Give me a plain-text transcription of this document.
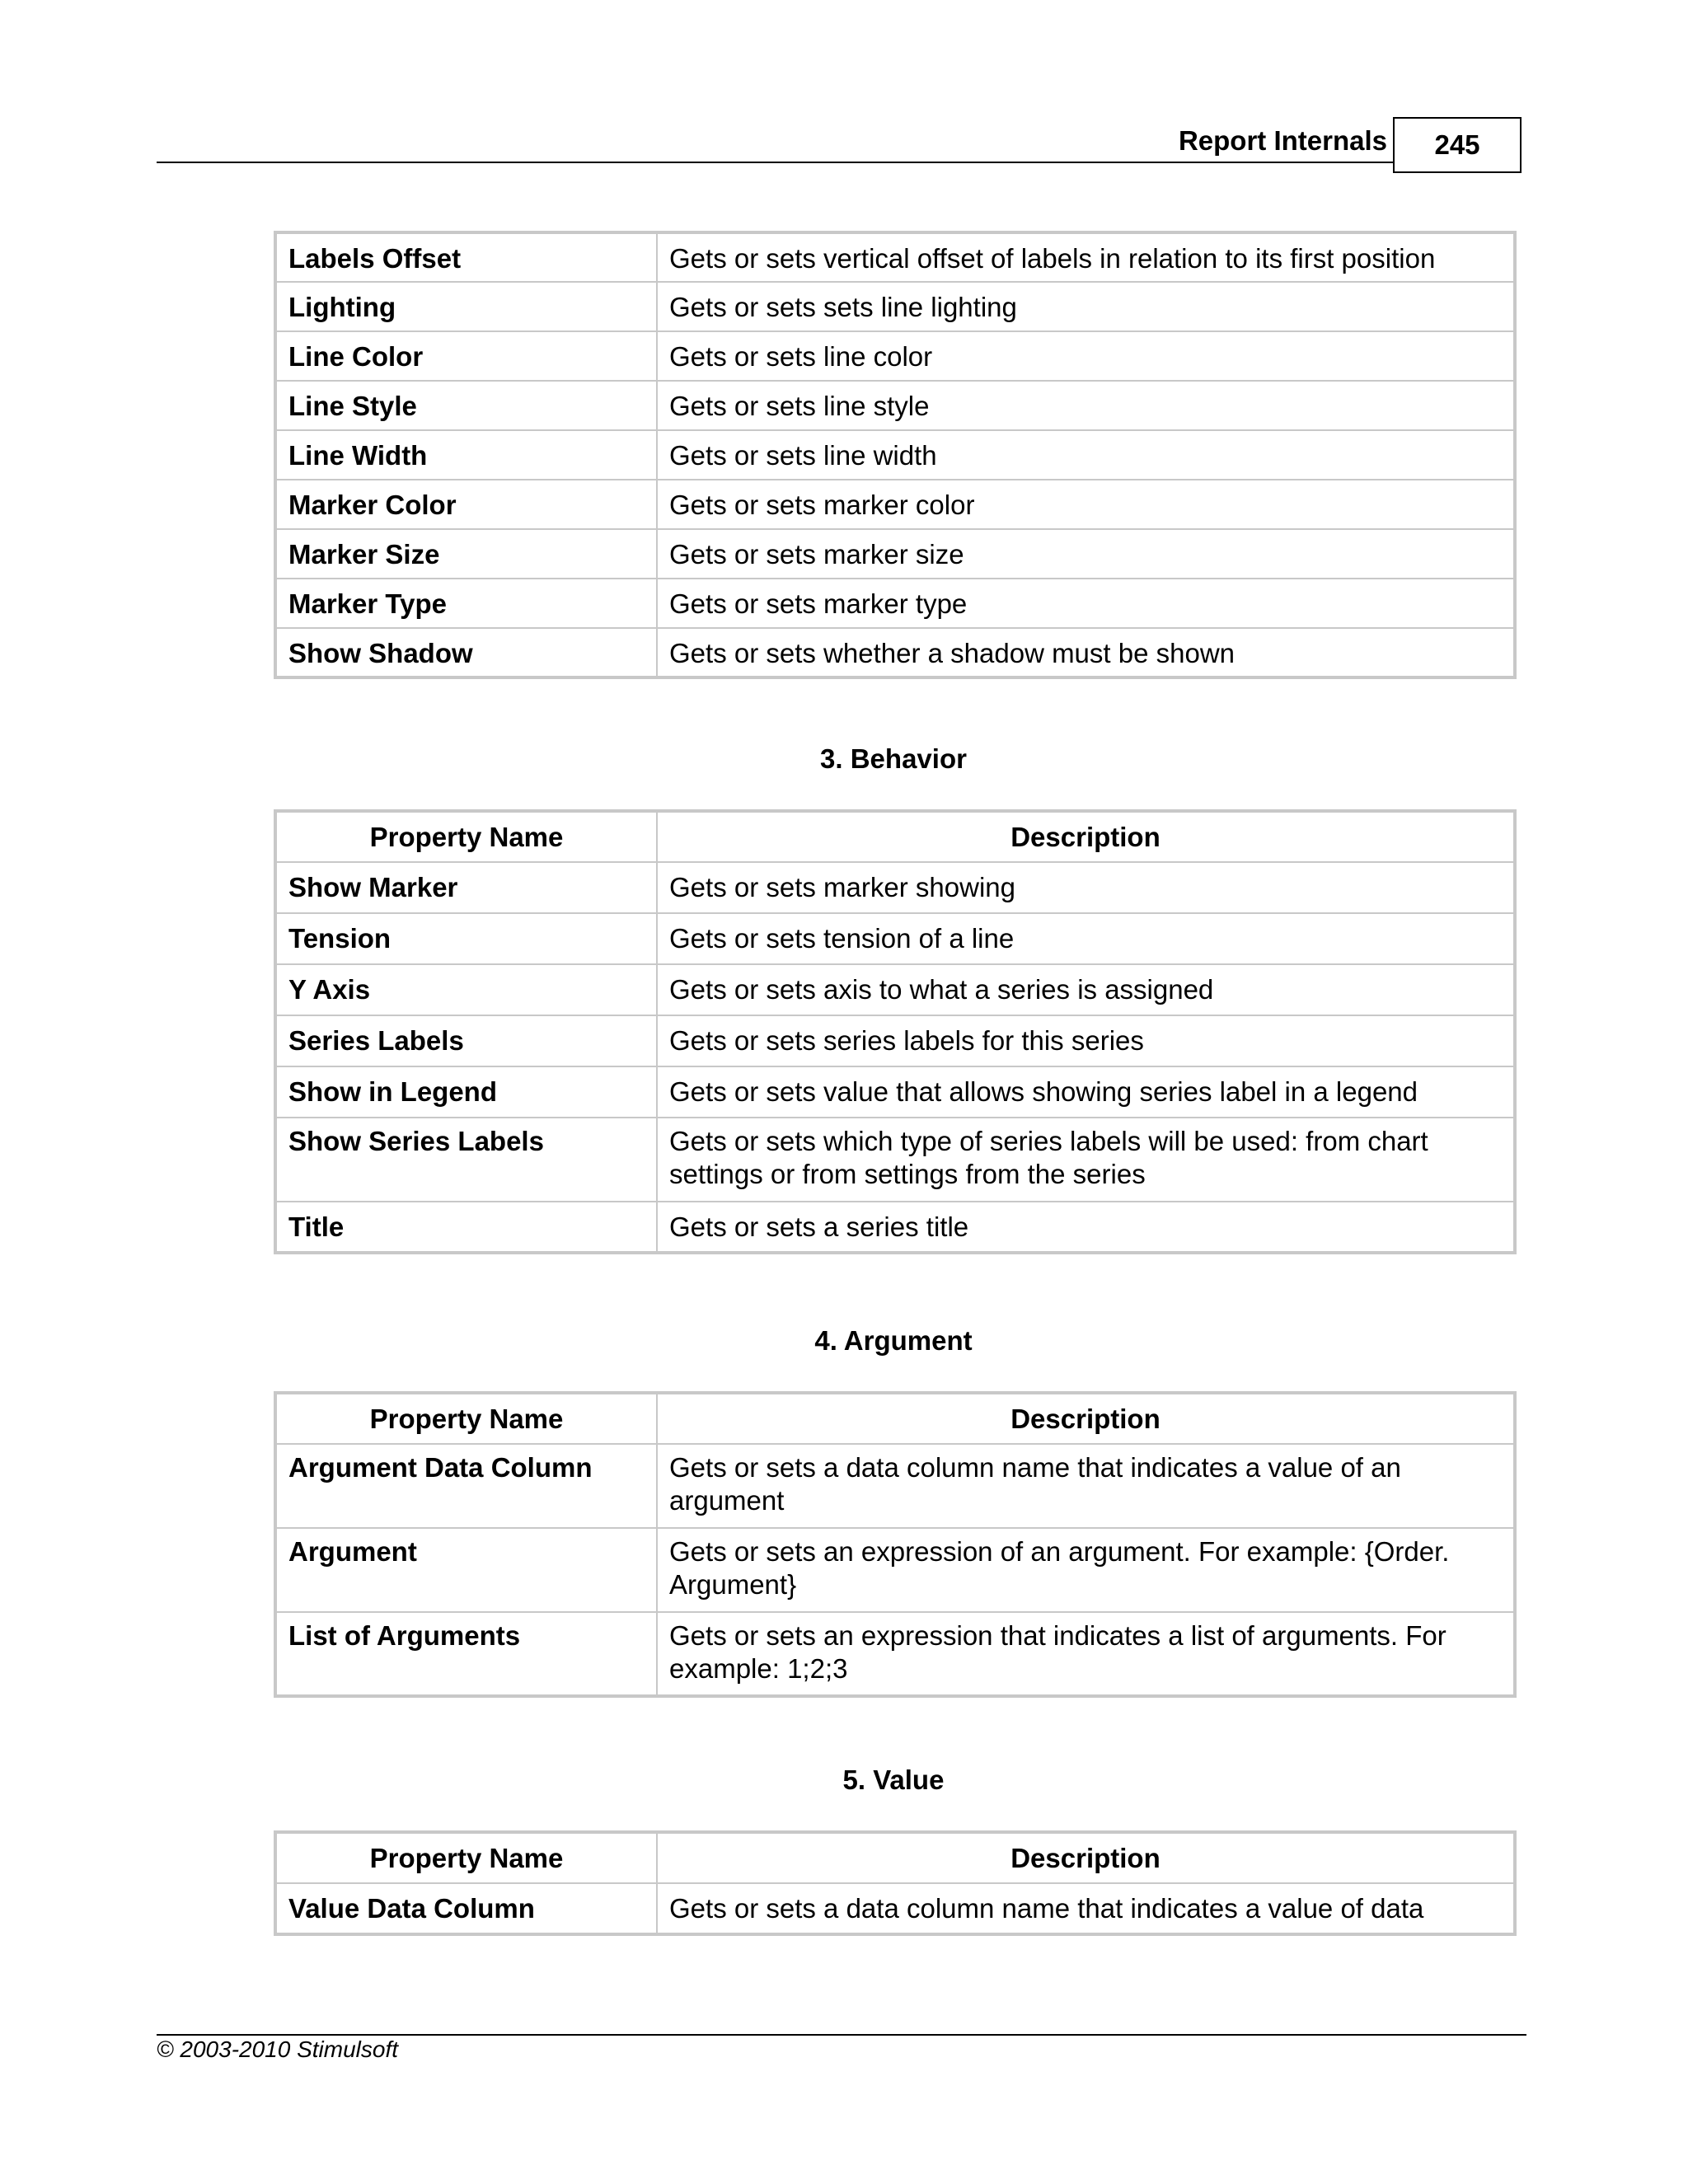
Report Internals	245
Labels Offset	Gets or sets vertical offset of labels in relation to its first position
Lighting	Gets or sets sets line lighting
Line Color	Gets or sets line color
Line Style	Gets or sets line style
Line Width	Gets or sets line width
Marker Color	Gets or sets marker color
Marker Size	Gets or sets marker size
Marker Type	Gets or sets marker type
Show Shadow	Gets or sets whether a shadow must be shown
3. Behavior
Property Name	Description
Show Marker	Gets or sets marker showing
Tension	Gets or sets tension of a line
Y Axis	Gets or sets axis to what a series is assigned
Series Labels	Gets or sets series labels for this series
Show in Legend	Gets or sets value that allows showing series label in a legend
Show Series Labels	Gets or sets which type of series labels will be used: from chart settings or from settings from the series
Title	Gets or sets a series title
4. Argument
Property Name	Description
Argument Data Column	Gets or sets a data column name that indicates a value of an argument
Argument	Gets or sets an expression of an argument. For example: {Order. Argument}
List of Arguments	Gets or sets an expression that indicates a list of arguments. For example: 1;2;3
5. Value
Property Name	Description
Value Data Column	Gets or sets a data column name that indicates a value of data
© 2003-2010 Stimulsoft
